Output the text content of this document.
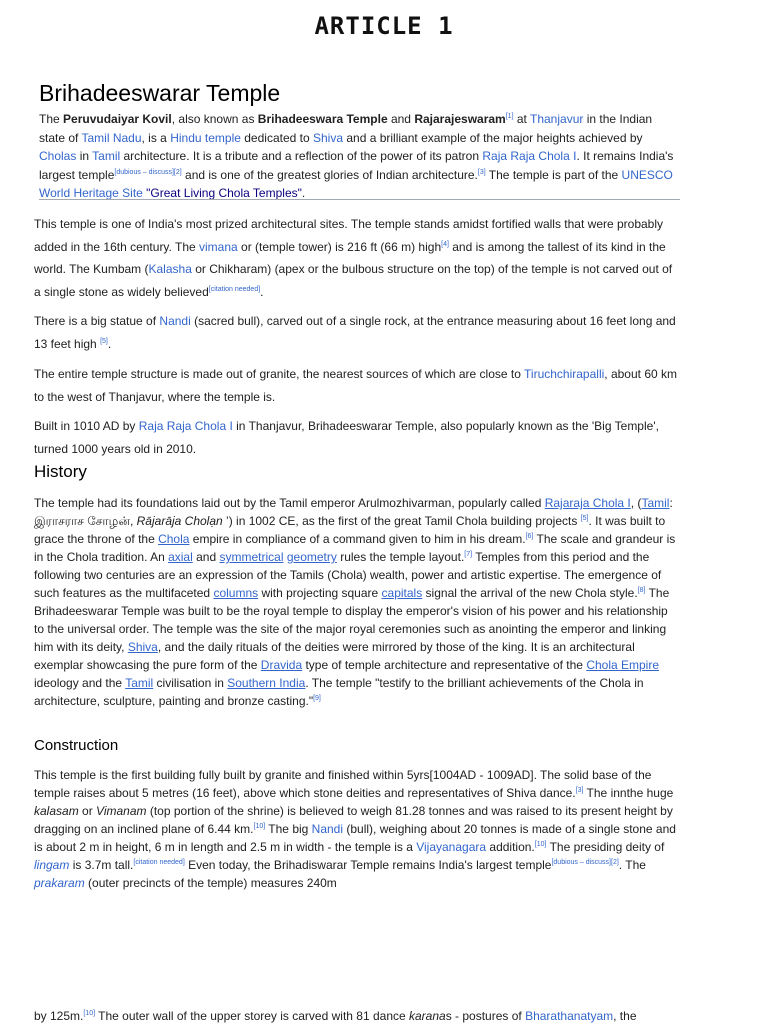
ARTICLE 1
Brihadeeswarar Temple

The Peruvudaiyar Kovil, also known as Brihadeeswara Temple and Rajarajeswaram[1] at Thanjavur in the Indian state of Tamil Nadu, is a Hindu temple dedicated to Shiva and a brilliant example of the major heights achieved by Cholas in Tamil architecture. It is a tribute and a reflection of the power of its patron Raja Raja Chola I. It remains India's largest temple[dubious – discuss][2] and is one of the greatest glories of Indian architecture.[3] The temple is part of the UNESCO World Heritage Site "Great Living Chola Temples".

This temple is one of India's most prized architectural sites. The temple stands amidst fortified walls that were probably added in the 16th century. The vimana or (temple tower) is 216 ft (66 m) high[4] and is among the tallest of its kind in the world. The Kumbam (Kalasha or Chikharam) (apex or the bulbous structure on the top) of the temple is not carved out of a single stone as widely believed[citation needed].

There is a big statue of Nandi (sacred bull), carved out of a single rock, at the entrance measuring about 16 feet long and 13 feet high [5].

The entire temple structure is made out of granite, the nearest sources of which are close to Tiruchchirapalli, about 60 km to the west of Thanjavur, where the temple is.

Built in 1010 AD by Raja Raja Chola I in Thanjavur, Brihadeeswarar Temple, also popularly known as the 'Big Temple', turned 1000 years old in 2010.

History

The temple had its foundations laid out by the Tamil emperor Arulmozhivarman, popularly called Rajaraja Chola I, (Tamil: இராசராச சோழன், Rājarāja Cholạn ’) in 1002 CE, as the first of the great Tamil Chola building projects [5]. It was built to grace the throne of the Chola empire in compliance of a command given to him in his dream.[6] The scale and grandeur is in the Chola tradition. An axial and symmetrical geometry rules the temple layout.[7] Temples from this period and the following two centuries are an expression of the Tamils (Chola) wealth, power and artistic expertise. The emergence of such features as the multifaceted columns with projecting square capitals signal the arrival of the new Chola style.[8] The Brihadeeswarar Temple was built to be the royal temple to display the emperor's vision of his power and his relationship to the universal order. The temple was the site of the major royal ceremonies such as anointing the emperor and linking him with its deity, Shiva, and the daily rituals of the deities were mirrored by those of the king. It is an architectural exemplar showcasing the pure form of the Dravida type of temple architecture and representative of the Chola Empire ideology and the Tamil civilisation in Southern India. The temple "testify to the brilliant achievements of the Chola in architecture, sculpture, painting and bronze casting."[9]

Construction

This temple is the first building fully built by granite and finished within 5yrs[1004AD - 1009AD]. The solid base of the temple raises about 5 metres (16 feet), above which stone deities and representatives of Shiva dance.[3] The innthe huge kalasam or Vimanam (top portion of the shrine) is believed to weigh 81.28 tonnes and was raised to its present height by dragging on an inclined plane of 6.44 km.[10] The big Nandi (bull), weighing about 20 tonnes is made of a single stone and is about 2 m in height, 6 m in length and 2.5 m in width - the temple is a Vijayanagara addition.[10] The presiding deity of lingam is 3.7m tall.[citation needed] Even today, the Brihadiswarar Temple remains India's largest temple[dubious – discuss][2]. The prakaram (outer precincts of the temple) measures 240m

by 125m.[10] The outer wall of the upper storey is carved with 81 dance karanas - postures of Bharathanatyam, the
